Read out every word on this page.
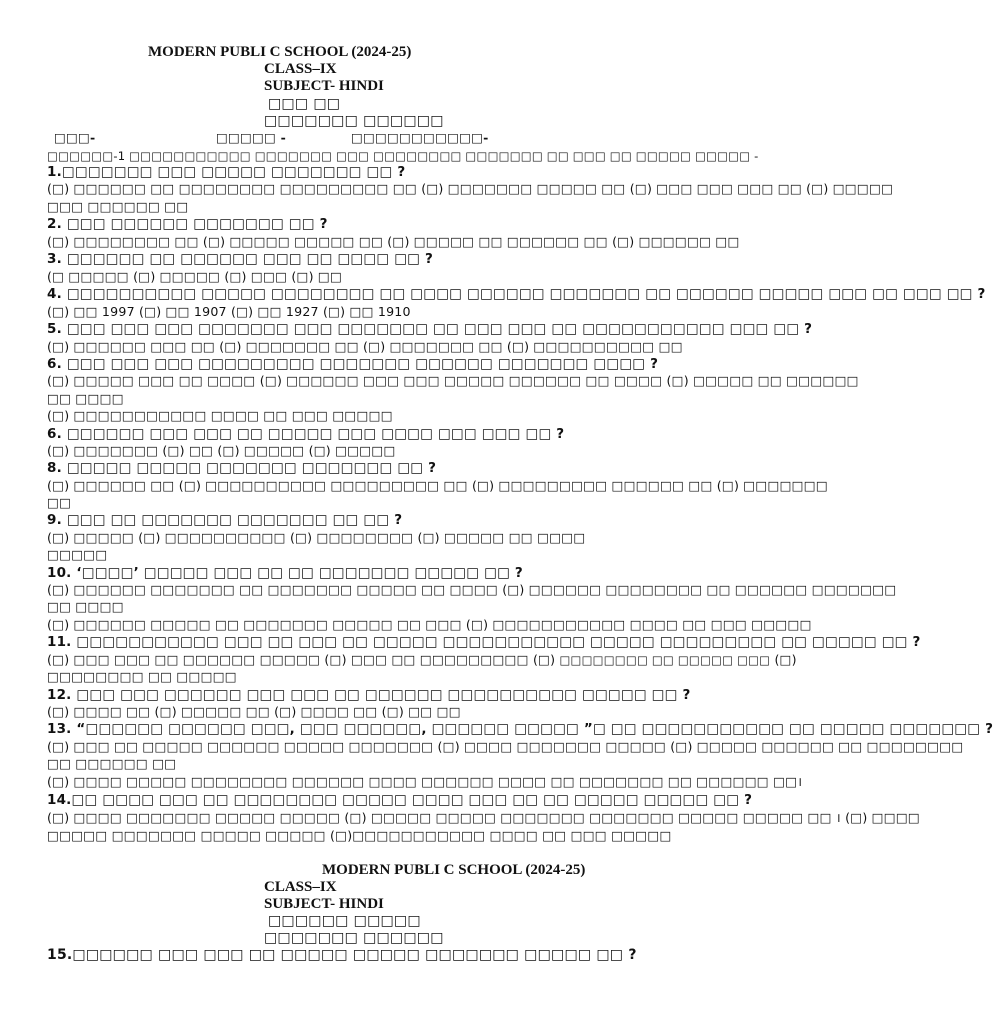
MODERN PUBLI C SCHOOL (2024-25)
CLASS–IX
SUBJECT- HINDI
□□□ □□
□□□□□□□ □□□□□□
□□□-	□□□□□ -	□□□□□□□□□□□-
□□□□□□-1 □□□□□□□□□□□ □□□□□□□ □□□ □□□□□□□□ □□□□□□□ □□ □□□ □□ □□□□□ □□□□□ -
1.□□□□□□□ □□□ □□□□□ □□□□□□□ □□ ?
(□) □□□□□□ □□ □□□□□□□□ □□□□□□□□□ □□ (□) □□□□□□□ □□□□□ □□ (□) □□□ □□□ □□□ □□ (□) □□□□□
□□□ □□□□□□ □□
2. □□□ □□□□□□ □□□□□□□ □□ ?
(□) □□□□□□□□ □□ (□) □□□□□ □□□□□ □□ (□) □□□□□ □□ □□□□□□ □□ (□) □□□□□□ □□
3. □□□□□□ □□ □□□□□□ □□□ □□ □□□□ □□ ?
(□ □□□□□ (□) □□□□□ (□) □□□ (□) □□
4. □□□□□□□□□□ □□□□□ □□□□□□□□ □□ □□□□ □□□□□□ □□□□□□□ □□ □□□□□□ □□□□□ □□□ □□ □□□ □□ ?
(□) □□ 1997 (□) □□ 1907 (□) □□ 1927 (□) □□ 1910
5. □□□ □□□ □□□ □□□□□□□ □□□ □□□□□□□ □□ □□□ □□□ □□ □□□□□□□□□□□ □□□ □□ ?
(□) □□□□□□ □□□ □□ (□) □□□□□□□ □□ (□) □□□□□□□ □□ (□) □□□□□□□□□□ □□
6. □□□ □□□ □□□ □□□□□□□□□ □□□□□□□ □□□□□□ □□□□□□□ □□□□ ?
(□) □□□□□ □□□ □□ □□□□ (□) □□□□□□ □□□ □□□ □□□□□ □□□□□□ □□ □□□□ (□) □□□□□ □□ □□□□□□
□□ □□□□
(□) □□□□□□□□□□□ □□□□ □□ □□□ □□□□□
6. □□□□□□ □□□ □□□ □□ □□□□□ □□□ □□□□ □□□ □□□ □□ ?
(□) □□□□□□□ (□) □□ (□) □□□□□ (□) □□□□□
8. □□□□□ □□□□□ □□□□□□□ □□□□□□□ □□ ?
(□) □□□□□□ □□ (□) □□□□□□□□□□ □□□□□□□□□ □□ (□) □□□□□□□□□ □□□□□□ □□ (□) □□□□□□□
□□
9. □□□ □□ □□□□□□□ □□□□□□□ □□ □□ ?
(□) □□□□□ (□) □□□□□□□□□□ (□) □□□□□□□□ (□) □□□□□ □□ □□□□
□□□□□
10. ‘□□□□’ □□□□□ □□□ □□ □□ □□□□□□□ □□□□□ □□ ?
(□) □□□□□□ □□□□□□□ □□ □□□□□□□ □□□□□ □□ □□□□ (□) □□□□□□ □□□□□□□□ □□ □□□□□□ □□□□□□□
□□ □□□□
(□) □□□□□□ □□□□□ □□ □□□□□□□ □□□□□ □□ □□□ (□) □□□□□□□□□□□ □□□□ □□ □□□ □□□□□
11. □□□□□□□□□□□ □□□ □□ □□□ □□ □□□□□ □□□□□□□□□□□ □□□□□ □□□□□□□□□ □□ □□□□□ □□ ?
(□) □□□ □□□ □□ □□□□□□ □□□□□ (□) □□□ □□ □□□□□□□□□ (□) □□□□□□□□ □□ □□□□□ □□□ (□)
□□□□□□□□ □□ □□□□□
12. □□□ □□□ □□□□□□ □□□ □□□ □□ □□□□□□ □□□□□□□□□□ □□□□□ □□ ?
(□) □□□□ □□ (□) □□□□□ □□ (□) □□□□ □□ (□) □□ □□
13. “□□□□□□ □□□□□□ □□□, □□□ □□□□□□, □□□□□□ □□□□□ ”□ □□ □□□□□□□□□□□ □□ □□□□□ □□□□□□□ ?
(□) □□□ □□ □□□□□ □□□□□□ □□□□□ □□□□□□□ (□) □□□□ □□□□□□□ □□□□□ (□) □□□□□ □□□□□□ □□ □□□□□□□□
□□ □□□□□□ □□
(□) □□□□ □□□□□ □□□□□□□□ □□□□□□ □□□□ □□□□□□ □□□□ □□ □□□□□□□ □□ □□□□□□ □□।
14.□□ □□□□ □□□ □□ □□□□□□□□ □□□□□ □□□□ □□□ □□ □□ □□□□□ □□□□□ □□ ?
(□) □□□□ □□□□□□□ □□□□□ □□□□□ (□) □□□□□ □□□□□ □□□□□□□ □□□□□□□ □□□□□ □□□□□ □□ । (□) □□□□
□□□□□ □□□□□□□ □□□□□ □□□□□ (□)□□□□□□□□□□□ □□□□ □□ □□□ □□□□□
MODERN PUBLI C SCHOOL (2024-25)
CLASS–IX
SUBJECT- HINDI
□□□□□□ □□□□□
□□□□□□□ □□□□□□
15.□□□□□□ □□□ □□□ □□ □□□□□ □□□□□ □□□□□□□ □□□□□ □□ ?
